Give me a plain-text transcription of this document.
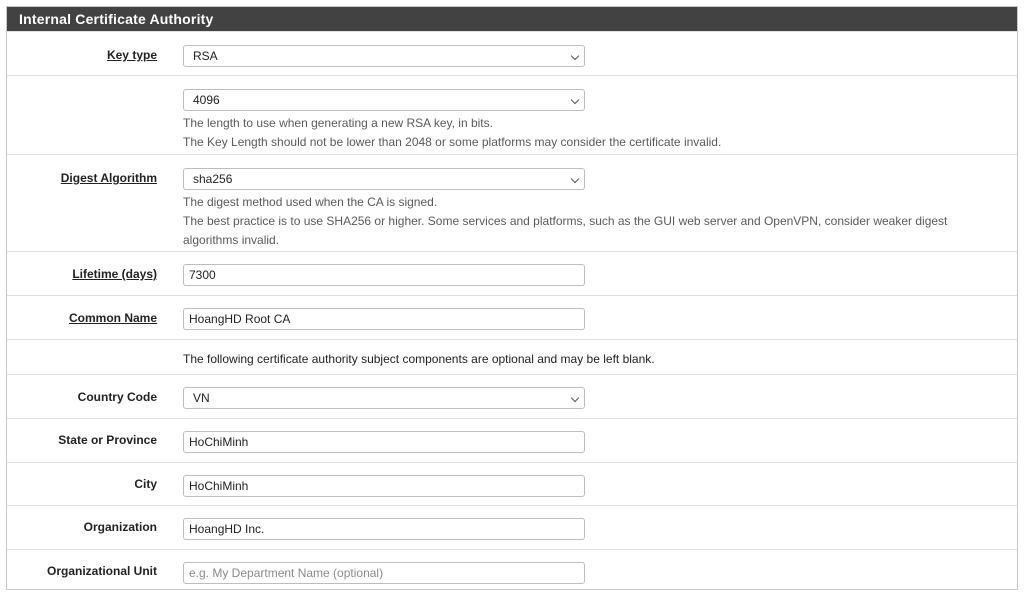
Internal Certificate Authority
Key type	RSA
4096
The length to use when generating a new RSA key, in bits.
The Key Length should not be lower than 2048 or some platforms may consider the certificate invalid.
Digest Algorithm	sha256
The digest method used when the CA is signed.
The best practice is to use SHA256 or higher. Some services and platforms, such as the GUI web server and OpenVPN, consider weaker digest
algorithms invalid.
Lifetime (days)	7300
Common Name	HoangHD Root CA
The following certificate authority subject components are optional and may be left blank.
Country Code	VN
State or Province	HoChiMinh
City	HoChiMinh
Organization	HoangHD Inc.
Organizational Unit	e.g. My Department Name (optional)
